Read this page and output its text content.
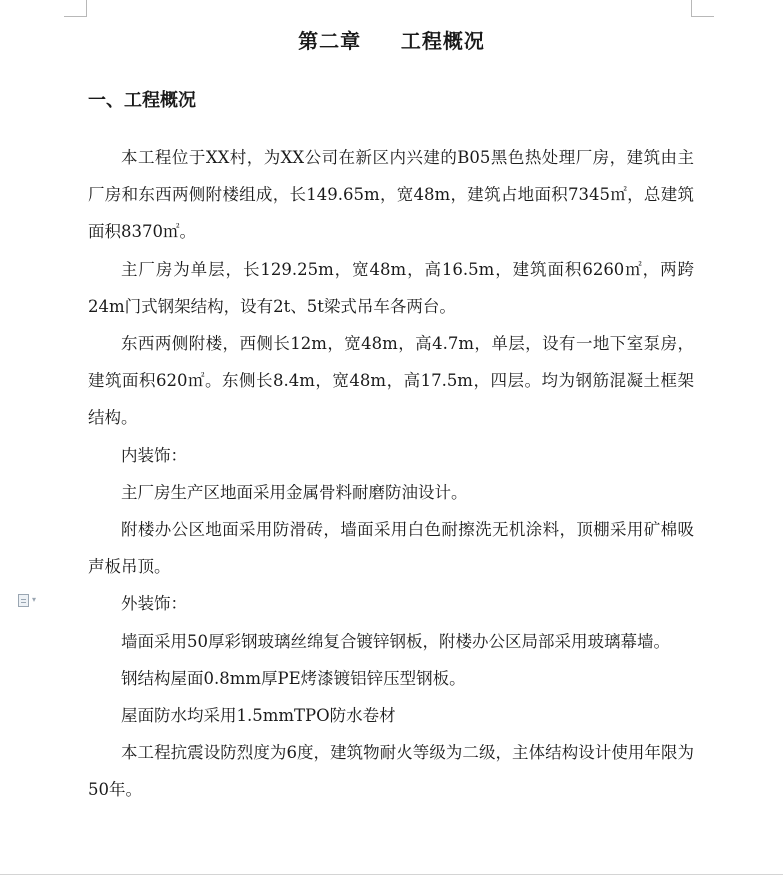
▾
第二章     工程概况
一、工程概况

本工程位于XX村，为XX公司在新区内兴建的B05黑色热处理厂房，建筑由主厂房和东西两侧附楼组成，长149.65m，宽48m，建筑占地面积7345㎡，总建筑面积8370㎡。

主厂房为单层，长129.25m，宽48m，高16.5m，建筑面积6260㎡，两跨24m门式钢架结构，设有2t、5t梁式吊车各两台。

东西两侧附楼，西侧长12m，宽48m，高4.7m，单层，设有一地下室泵房，建筑面积620㎡。东侧长8.4m，宽48m，高17.5m，四层。均为钢筋混凝土框架结构。

内装饰：

主厂房生产区地面采用金属骨料耐磨防油设计。

附楼办公区地面采用防滑砖，墙面采用白色耐擦洗无机涂料，顶棚采用矿棉吸声板吊顶。

外装饰：

墙面采用50厚彩钢玻璃丝绵复合镀锌钢板，附楼办公区局部采用玻璃幕墙。

钢结构屋面0.8mm厚PE烤漆镀铝锌压型钢板。

屋面防水均采用1.5mmTPO防水卷材

本工程抗震设防烈度为6度，建筑物耐火等级为二级，主体结构设计使用年限为50年。
